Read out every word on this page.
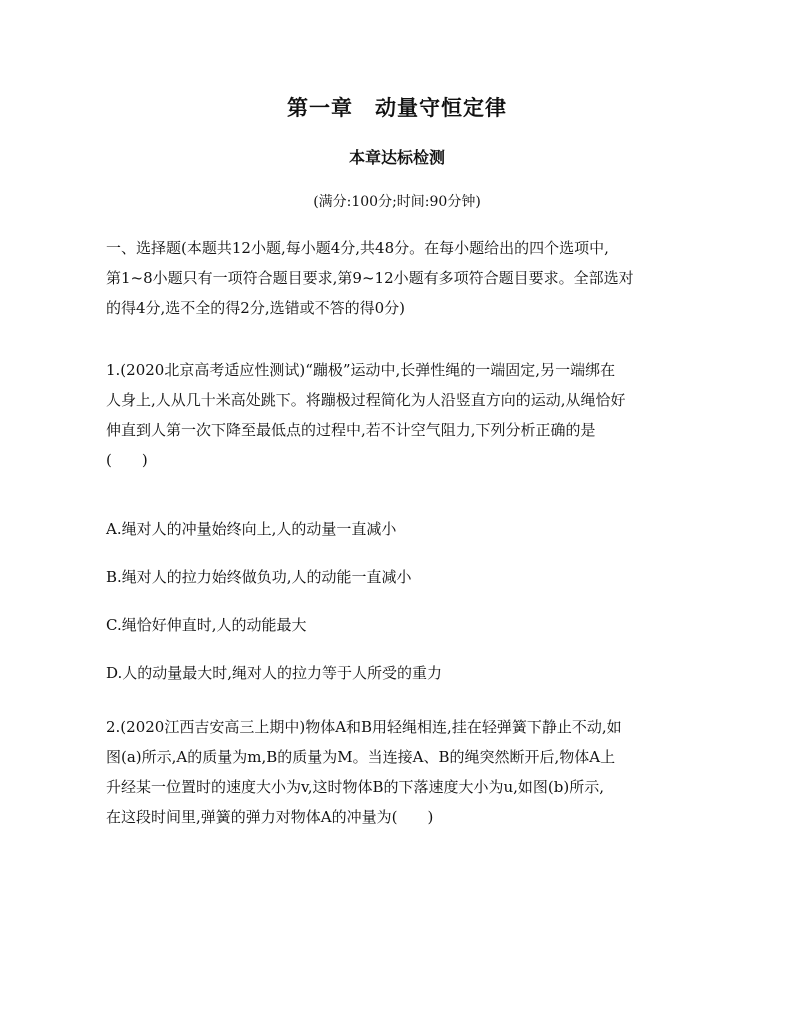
第一章　动量守恒定律
本章达标检测
(满分:100分;时间:90分钟)
一、选择题(本题共12小题,每小题4分,共48分。在每小题给出的四个选项中,
第1~8小题只有一项符合题目要求,第9~12小题有多项符合题目要求。全部选对
的得4分,选不全的得2分,选错或不答的得0分)
1.(2020北京高考适应性测试)“蹦极”运动中,长弹性绳的一端固定,另一端绑在
人身上,人从几十米高处跳下。将蹦极过程简化为人沿竖直方向的运动,从绳恰好
伸直到人第一次下降至最低点的过程中,若不计空气阻力,下列分析正确的是
(　　)
A.绳对人的冲量始终向上,人的动量一直减小
B.绳对人的拉力始终做负功,人的动能一直减小
C.绳恰好伸直时,人的动能最大
D.人的动量最大时,绳对人的拉力等于人所受的重力
2.(2020江西吉安高三上期中)物体A和B用轻绳相连,挂在轻弹簧下静止不动,如
图(a)所示,A的质量为m,B的质量为M。当连接A、B的绳突然断开后,物体A上
升经某一位置时的速度大小为v,这时物体B的下落速度大小为u,如图(b)所示,
在这段时间里,弹簧的弹力对物体A的冲量为(　　)
